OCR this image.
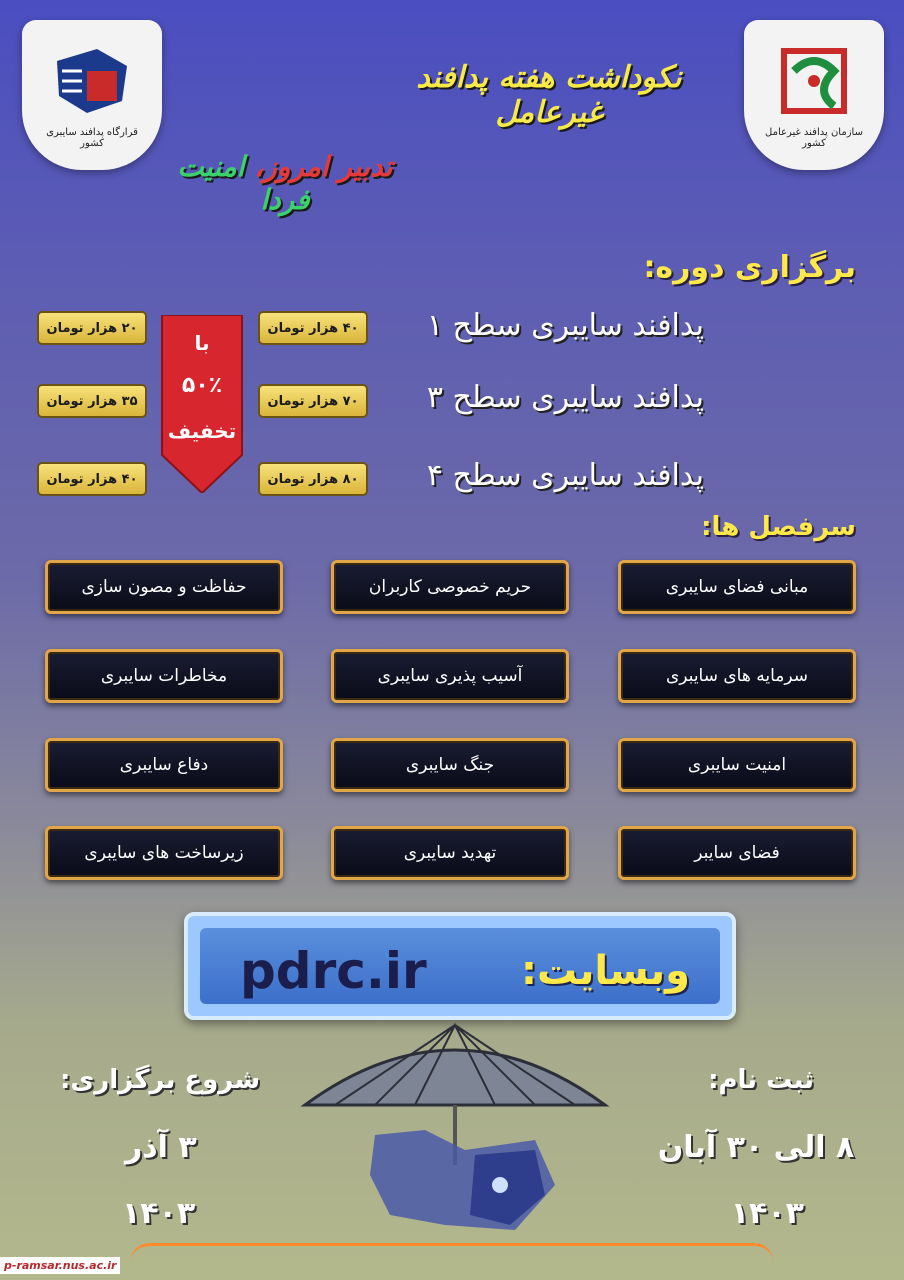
سازمان پدافند غیرعامل کشور
قرارگاه پدافند سایبری کشور
نکوداشت هفته پدافند غیرعامل
تدبیر امروز، امنیت فردا
برگزاری دوره:
پدافند سایبری سطح ۱
۴۰ هزار تومان
۲۰ هزار تومان
پدافند سایبری سطح ۳
۷۰ هزار تومان
۳۵ هزار تومان
پدافند سایبری سطح ۴
۸۰ هزار تومان
۴۰ هزار تومان
با
۵۰٪
تخفیف
سرفصل ها:
مبانی فضای سایبری
حریم خصوصی کاربران
حفاظت و مصون سازی
سرمایه های سایبری
آسیب پذیری سایبری
مخاطرات سایبری
امنیت سایبری
جنگ سایبری
دفاع سایبری
فضای سایبر
تهدید سایبری
زیرساخت های سایبری
وبسایت:
pdrc.ir
ثبت نام:
۸ الی ۳۰ آبان
۱۴۰۳
شروع برگزاری:
۳ آذر
۱۴۰۳
p-ramsar.nus.ac.ir
